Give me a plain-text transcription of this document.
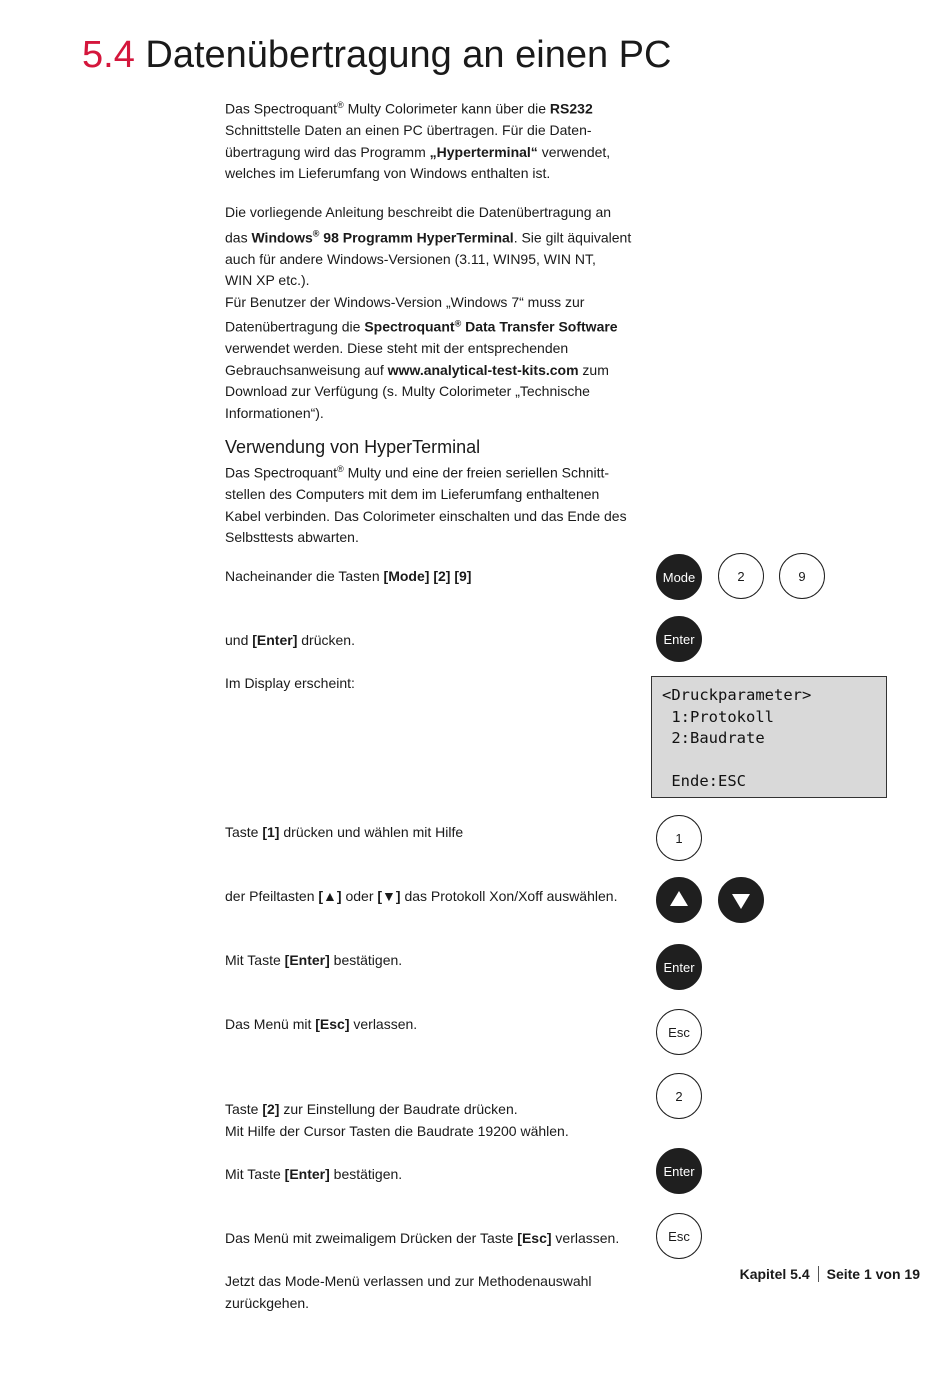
5.4 Datenübertragung an einen PC

Das Spectroquant® Multy Colorimeter kann über die RS232 Schnittstelle Daten an einen PC übertragen. Für die Daten-
übertragung wird das Programm „Hyperterminal“ verwendet,
welches im Lieferumfang von Windows enthalten ist.

Die vorliegende Anleitung beschreibt die Datenübertragung an
das Windows® 98 Programm HyperTerminal. Sie gilt äquivalent
auch für andere Windows-Versionen (3.11, WIN95, WIN NT,
WIN XP etc.).
Für Benutzer der Windows-Version „Windows 7“ muss zur
Datenübertragung die Spectroquant® Data Transfer Software
verwendet werden. Diese steht mit der entsprechenden
Gebrauchsanweisung auf www.analytical-test-kits.com zum
Download zur Verfügung (s. Multy Colorimeter „Technische
Informationen“).

Verwendung von HyperTerminal

Das Spectroquant® Multy und eine der freien seriellen Schnitt-
stellen des Computers mit dem im Lieferumfang enthaltenen
Kabel verbinden. Das Colorimeter einschalten und das Ende des
Selbsttests abwarten.

Nacheinander die Tasten [Mode] [2] [9]
und [Enter] drücken.
Im Display erscheint:
Taste [1] drücken und wählen mit Hilfe
der Pfeiltasten [▲] oder [▼] das Protokoll Xon/Xoff auswählen.
Mit Taste [Enter] bestätigen.
Das Menü mit [Esc] verlassen.
Taste [2] zur Einstellung der Baudrate drücken.
Mit Hilfe der Cursor Tasten die Baudrate 19200 wählen.
Mit Taste [Enter] bestätigen.
Das Menü mit zweimaligem Drücken der Taste [Esc] verlassen.
Jetzt das Mode-Menü verlassen und zur Methodenauswahl
zurückgehen.
Mode	2	9
Enter
<Druckparameter>
1:Protokoll
2:Baudrate
Ende:ESC
1
Enter
Esc
2
Enter
Esc
Kapitel 5.4 Seite 1 von 19
